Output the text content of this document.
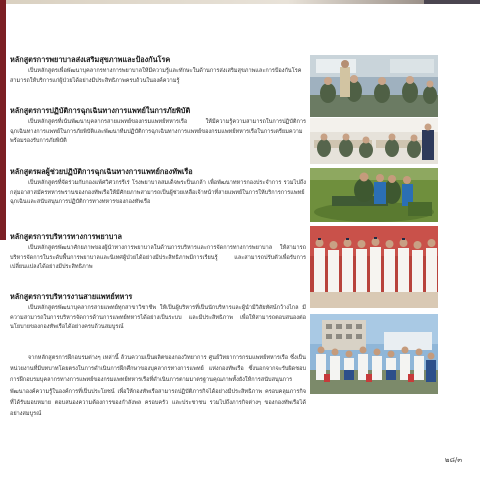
หลักสูตรการพยาบาลส่งเสริมสุขภาพและป้องกันโรค

เป็นหลักสูตรเพื่อพัฒนาบุคลากรทางการพยาบาลให้มีความรู้และทักษะในด้านการส่งเสริมสุขภาพและการป้องกันโรค สามารถให้บริการแก่ผู้ป่วยได้อย่างมีประสิทธิภาพครบถ้วนในองค์ความรู้

หลักสูตรการปฏิบัติการฉุกเฉินทางการแพทย์ในการภัยพิบัติ

เป็นหลักสูตรที่เน้นพัฒนาบุคลากรสายแพทย์ของกรมแพทย์ทหารเรือ ให้มีความรู้ความสามารถในการปฏิบัติการฉุกเฉินทางการแพทย์ในการภัยพิบัติและพัฒนาทีมปฏิบัติการฉุกเฉินทางการแพทย์ของกรมแพทย์ทหารเรือในการเตรียมความพร้อมรองรับการภัยพิบัติ

หลักสูตรผลผู้ช่วยปฏิบัติการฉุกเฉินทางการแพทย์กองทัพเรือ

เป็นหลักสูตรที่จัดร่วมกับกองแพ้ศวิศวกรรีเร่ โรงพยาบาลสมเด็จพระปิ่นเกล้า เพื่อพัฒนาทหารกองประจำการ รวมไปถึงกลุ่มอาสาสมัครทหารพรานของกองทัพเรือให้มีศักยภาพสามารถเป็นผู้ช่วยเหลือเจ้าหน้าที่สายแพทย์ในการให้บริการการแพทย์ฉุกเฉินและสนับสนุนการปฏิบัติการทางทหารของกองทัพเรือ

หลักสูตรการบริหารทางการพยาบาล

เป็นหลักสูตรพัฒนาศักยภาพของผู้นำทางการพยาบาลในด้านการบริหารและการจัดการทางการพยาบาล ให้สามารถบริหารจัดการในระดับพื้นการพยาบาลและนิเทศผู้ป่วยได้อย่างมีประสิทธิภาพมีการเรียนรู้ และสามารถปรับตัวเพื่อรับการเปลี่ยนแปลงได้อย่างมีประสิทธิภาพ

หลักสูตรการบริหารงานสายแพทย์ทหาร

เป็นหลักสูตรพัฒนาบุคลากรสายแพทย์ทุกสาขาวิชาชีพ ให้เป็นผู้บริหารที่เป็นนักบริหารและผู้นำมีวิสัยทัศน์กว้างไกล มีความสามารถในการบริหารจัดการด้านการแพทย์ทหารได้อย่างเป็นระบบ และมีประสิทธิภาพ เพื่อให้สามารถตอบสนองต่อนโยบายของกองทัพเรือได้อย่างครบถ้วนสมบูรณ์

จากหลักสูตรการฝึกอบรมต่างๆ เหล่านี้ ล้วนความเป็นผลิตของกองวิทยาการ ศูนย์วิทยาการกรมแพทย์ทหารเรือ ซึ่งเป็นหน่วยงานที่มีบทบาทโดยตรงในการดำเนินการฝึกศึกษาของบุคลากรทางการแพทย์ แห่งกองทัพเรือ ซึ่งนอกจากจะรับผิดชอบการฝึกอบรมบุคลากรทางการแพทย์ของกรมแพทย์ทหารเรือที่ดำเนินการตามมาตรฐานคุณภาพทั้งยังให้การสนับสนุนการพัฒนาองค์ความรู้ในองค์การที่เป็นประโยชน์ เพื่อให้กองทัพเรือสามารถปฏิบัติภารกิจได้อย่างมีประสิทธิภาพ ครอบคลุมภารกิจที่ได้รับมอบหมาย ตอบสนองความต้องการของกำลังพล ครอบครัว และประชาชน รวมไปถึงภารกิจต่างๆ ของกองทัพเรือได้อย่างสมบูรณ์

๒๘/๓
